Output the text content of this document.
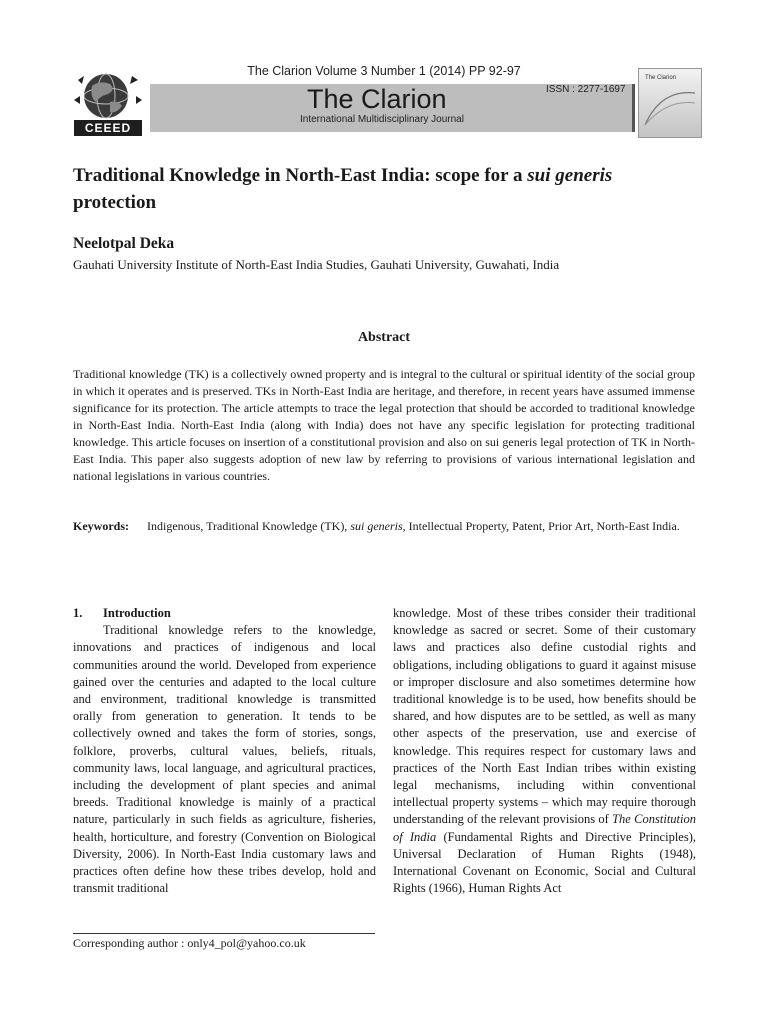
The Clarion Volume 3 Number 1 (2014) PP 92-97
CEEED
The Clarion	ISSN : 2277-1697
International Multidisciplinary Journal
The Clarion
Traditional Knowledge in North-East India: scope for a sui generis
protection
Neelotpal Deka
Gauhati University Institute of North-East India Studies, Gauhati University, Guwahati, India
Abstract
Traditional knowledge (TK) is a collectively owned property and is integral to the cultural or spiritual identity of the social group in which it operates and is preserved. TKs in North-East India are heritage, and therefore, in recent years have assumed immense significance for its protection. The article attempts to trace the legal protection that should be accorded to traditional knowledge in North-East India. North-East India (along with India) does not have any specific legislation for protecting traditional knowledge. This article focuses on insertion of a constitutional provision and also on sui generis legal protection of TK in North-East India. This paper also suggests adoption of new law by referring to provisions of various international legislation and national legislations in various countries.
Keywords: Indigenous, Traditional Knowledge (TK), sui generis, Intellectual Property, Patent, Prior Art, North-East India.

1. Introduction

Traditional knowledge refers to the knowledge, innovations and practices of indigenous and local communities around the world. Developed from experience gained over the centuries and adapted to the local culture and environment, traditional knowledge is transmitted orally from generation to generation. It tends to be collectively owned and takes the form of stories, songs, folklore, proverbs, cultural values, beliefs, rituals, community laws, local language, and agricultural practices, including the development of plant species and animal breeds. Traditional knowledge is mainly of a practical nature, particularly in such fields as agriculture, fisheries, health, horticulture, and forestry (Convention on Biological Diversity, 2006). In North-East India customary laws and practices often define how these tribes develop, hold and transmit traditional

knowledge. Most of these tribes consider their traditional knowledge as sacred or secret. Some of their customary laws and practices also define custodial rights and obligations, including obligations to guard it against misuse or improper disclosure and also sometimes determine how traditional knowledge is to be used, how benefits should be shared, and how disputes are to be settled, as well as many other aspects of the preservation, use and exercise of knowledge. This requires respect for customary laws and practices of the North East Indian tribes within existing legal mechanisms, including within conventional intellectual property systems – which may require thorough understanding of the relevant provisions of The Constitution of India (Fundamental Rights and Directive Principles), Universal Declaration of Human Rights (1948), International Covenant on Economic, Social and Cultural Rights (1966), Human Rights Act

Corresponding author : only4_pol@yahoo.co.uk
